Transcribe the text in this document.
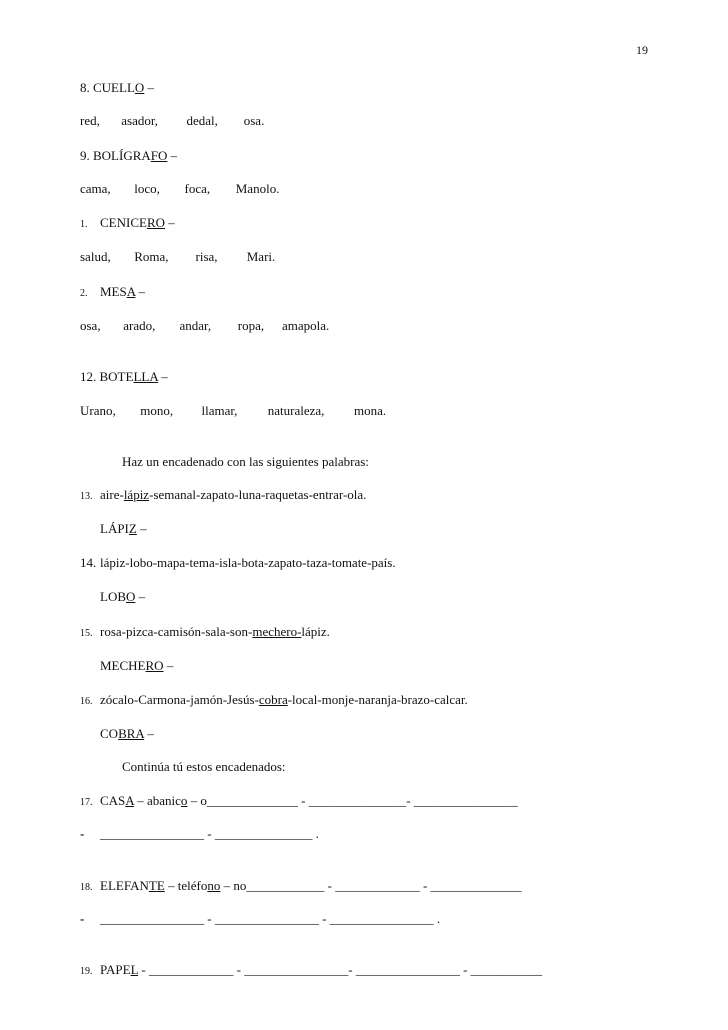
19
8. CUELLO –
red, asador, dedal, osa.
9. BOLÍGRAFO –
cama, loco, foca, Manolo.
1. CENICERO –
salud, Roma, risa, Mari.
2. MESA –
osa, arado, andar, ropa, amapola.
12. BOTELLA –
Urano, mono, llamar, naturaleza, mona.
Haz un encadenado con las siguientes palabras:
13. aire-lápiz-semanal-zapato-luna-raquetas-entrar-ola.
LÁPIZ –
14. lápiz-lobo-mapa-tema-isla-bota-zapato-taza-tomate-país.
LOBO –
15. rosa-pizca-camisón-sala-son-mechero-lápiz.
MECHERO –
16. zócalo-Carmona-jamón-Jesús-cobra-local-monje-naranja-brazo-calcar.
COBRA –
Continúa tú estos encadenados:
17. CASA – abanico – o______________ - _______________- ________________
- ________________ - _______________ .
18. ELEFANTE – teléfono – no____________ - _____________ - ______________
- ________________ - ________________ - ________________ .
19. PAPEL - _____________ - ________________- ________________ - ___________
